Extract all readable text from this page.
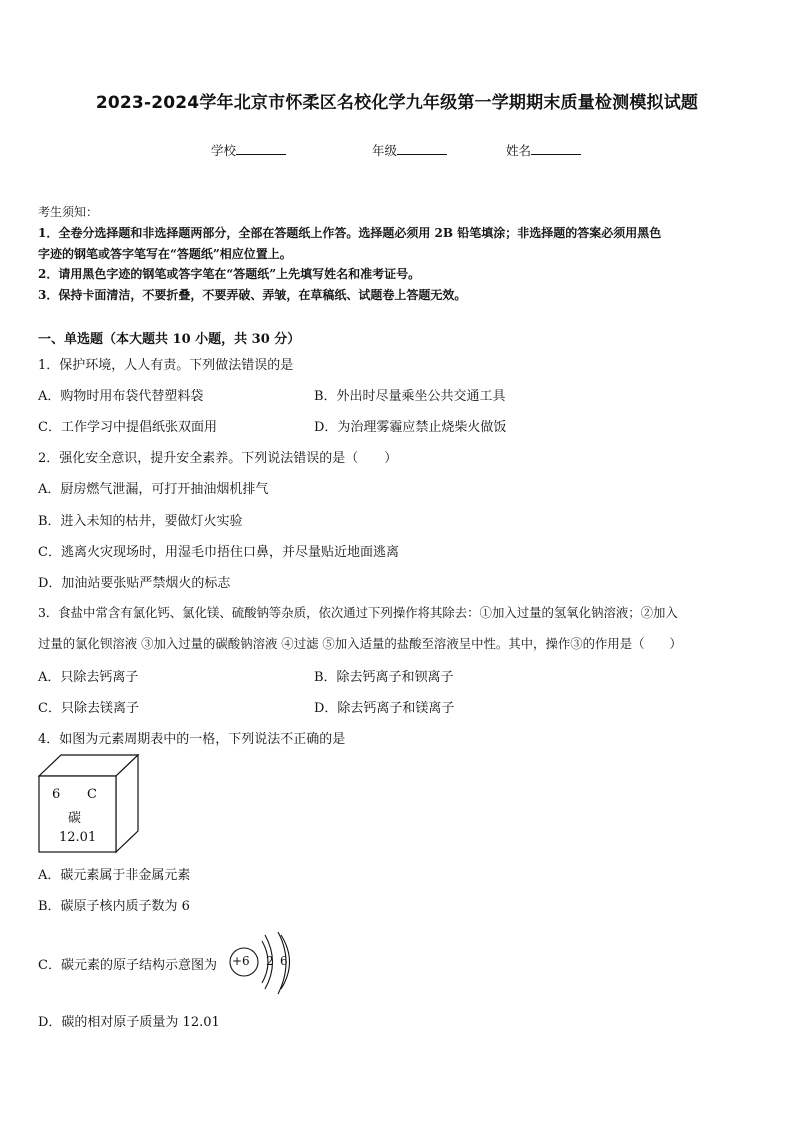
2023-2024学年北京市怀柔区名校化学九年级第一学期期末质量检测模拟试题
学校	年级	姓名
考生须知：
1．全卷分选择题和非选择题两部分，全部在答题纸上作答。选择题必须用 2B 铅笔填涂；非选择题的答案必须用黑色
字迹的钢笔或答字笔写在“答题纸”相应位置上。
2．请用黑色字迹的钢笔或答字笔在“答题纸”上先填写姓名和准考证号。
3．保持卡面清洁，不要折叠，不要弄破、弄皱，在草稿纸、试题卷上答题无效。
一、单选题（本大题共 10 小题，共 30 分）
1．保护环境，人人有责。下列做法错误的是
A．购物时用布袋代替塑料袋	B．外出时尽量乘坐公共交通工具
C．工作学习中提倡纸张双面用	D．为治理雾霾应禁止烧柴火做饭
2．强化安全意识，提升安全素养。下列说法错误的是（　　）
A．厨房燃气泄漏，可打开抽油烟机排气
B．进入未知的枯井，要做灯火实验
C．逃离火灾现场时，用湿毛巾捂住口鼻，并尽量贴近地面逃离
D．加油站要张贴严禁烟火的标志
3．食盐中常含有氯化钙、氯化镁、硫酸钠等杂质，依次通过下列操作将其除去：①加入过量的氢氧化钠溶液；②加入
过量的氯化钡溶液 ③加入过量的碳酸钠溶液 ④过滤 ⑤加入适量的盐酸至溶液呈中性。其中，操作③的作用是（　　）
A．只除去钙离子	B．除去钙离子和钡离子
C．只除去镁离子	D．除去钙离子和镁离子
4．如图为元素周期表中的一格，下列说法不正确的是
6 C
碳
12.01
A．碳元素属于非金属元素
B．碳原子核内质子数为 6
C．碳元素的原子结构示意图为 +6 2 6
D．碳的相对原子质量为 12.01
